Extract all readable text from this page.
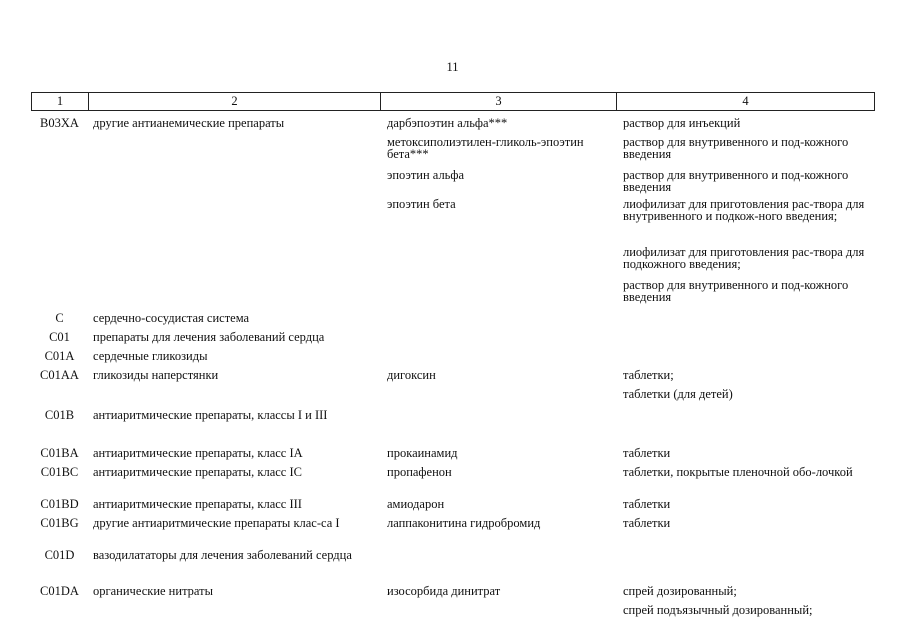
11
1	2	3	4
B03XA	другие антианемические препараты	дарбэпоэтин альфа***	раствор для инъекций
		метоксиполиэтилен-гликоль-эпоэтин бета***	раствор для внутривенного и под-кожного введения
		эпоэтин альфа	раствор для внутривенного и под-кожного введения
		эпоэтин бета	лиофилизат для приготовления рас-твора для внутривенного и подкож-ного введения;
			лиофилизат для приготовления рас-твора для подкожного введения;
			раствор для внутривенного и под-кожного введения
C	сердечно-сосудистая система		
C01	препараты для лечения заболеваний сердца		
C01A	сердечные гликозиды		
C01AA	гликозиды наперстянки	дигоксин	таблетки;
			таблетки (для детей)
C01B	антиаритмические препараты, классы I и III		
C01BA	антиаритмические препараты, класс IA	прокаинамид	таблетки
C01BC	антиаритмические препараты, класс IC	пропафенон	таблетки, покрытые пленочной обо-лочкой
C01BD	антиаритмические препараты, класс III	амиодарон	таблетки
C01BG	другие антиаритмические препараты клас-са I	лаппаконитина гидробромид	таблетки
C01D	вазодилататоры для лечения заболеваний сердца		
C01DA	органические нитраты	изосорбида динитрат	спрей дозированный;
			спрей подъязычный дозированный;
